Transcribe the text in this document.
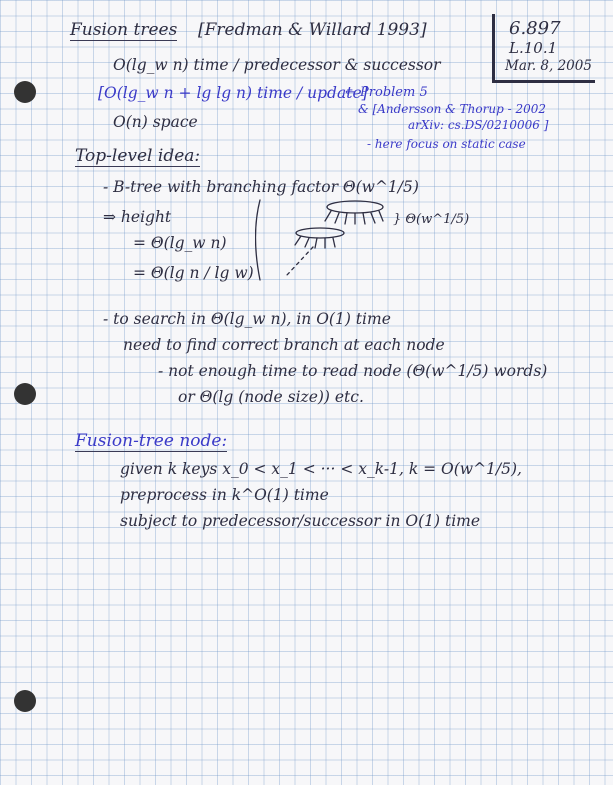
6.897
L.10.1
Mar. 8, 2005
Fusion trees [Fredman & Willard 1993]
O(lg_w n) time / predecessor & successor
[O(lg_w n + lg lg n) time / update]
← Problem 5
& [Andersson & Thorup - 2002
arXiv: cs.DS/0210006 ]
O(n) space
- here focus on static case
Top-level idea:
- B-tree with branching factor Θ(w^1/5)
⇒ height
= Θ(lg_w n)
= Θ(lg n / lg w)
} Θ(w^1/5)
- to search in Θ(lg_w n), in O(1) time
need to find correct branch at each node
- not enough time to read node (Θ(w^1/5) words)
or Θ(lg (node size)) etc.
Fusion-tree node:
given k keys x_0 < x_1 < ··· < x_k-1, k = O(w^1/5),
preprocess in k^O(1) time
subject to predecessor/successor in O(1) time
